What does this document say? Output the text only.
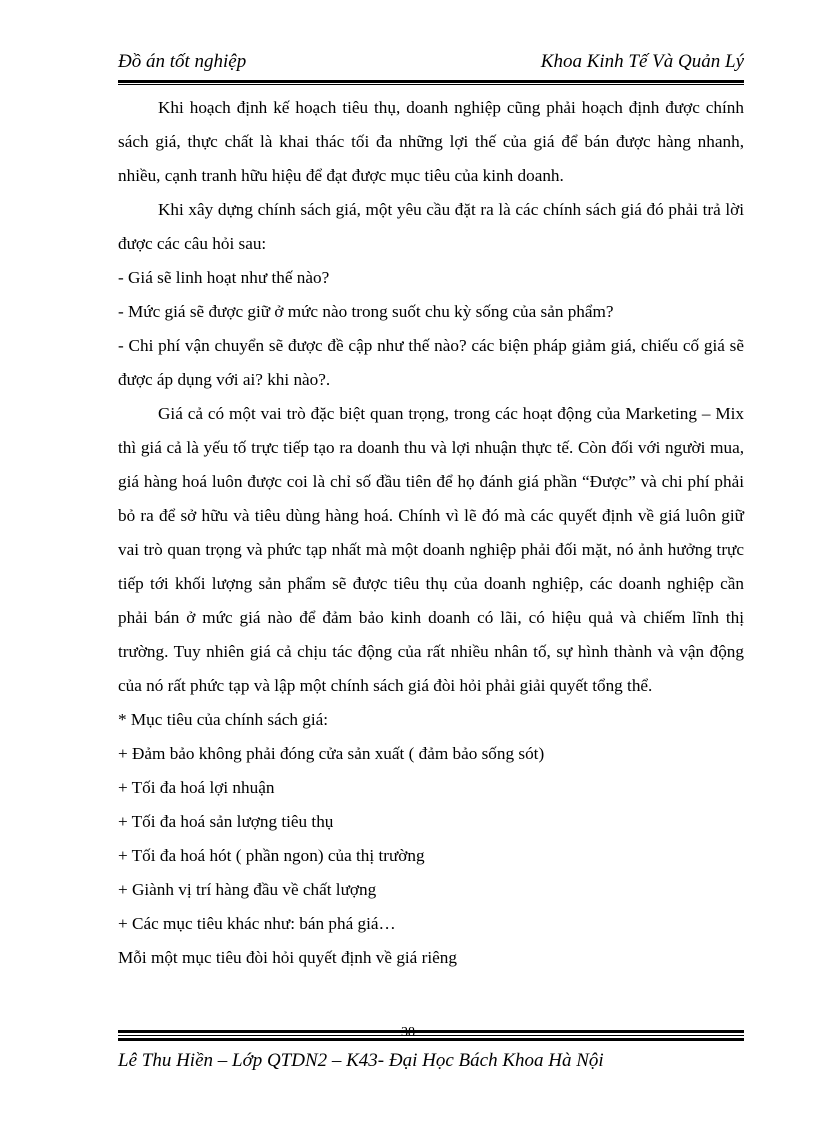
Đồ án tốt nghiệp	Khoa Kinh Tế Và Quản Lý

Khi hoạch định kế hoạch tiêu thụ, doanh nghiệp cũng phải hoạch định được chính sách giá, thực chất là khai thác tối đa những lợi thế của giá để bán được hàng nhanh, nhiều, cạnh tranh hữu hiệu để đạt được mục tiêu của kinh doanh.

Khi xây dựng chính sách giá, một yêu cầu đặt ra là các chính sách giá đó phải trả lời được các câu hỏi sau:

- Giá sẽ linh hoạt như thế nào?

- Mức giá sẽ được giữ ở mức nào trong suốt chu kỳ sống của sản phẩm?

- Chi phí vận chuyển sẽ được đề cập như thế nào? các biện pháp giảm giá, chiếu cố giá sẽ được áp dụng với ai? khi nào?.

Giá cả có một vai trò đặc biệt quan trọng, trong các hoạt động của Marketing – Mix thì giá cả là yếu tố trực tiếp tạo ra doanh thu và lợi nhuận thực tế. Còn đối với người mua, giá hàng hoá luôn được coi là chỉ số đầu tiên để họ đánh giá phần “Được” và chi phí phải bỏ ra để sở hữu và tiêu dùng hàng hoá. Chính vì lẽ đó mà các quyết định về giá luôn giữ vai trò quan trọng và phức tạp nhất mà một doanh nghiệp phải đối mặt, nó ảnh hưởng trực tiếp tới khối lượng sản phẩm sẽ được tiêu thụ của doanh nghiệp, các doanh nghiệp cần phải bán ở mức giá nào để đảm bảo kinh doanh có lãi, có hiệu quả và chiếm lĩnh thị trường. Tuy nhiên giá cả chịu tác động của rất nhiều nhân tố, sự hình thành và vận động của nó rất phức tạp và lập một chính sách giá đòi hỏi phải giải quyết tổng thể.

* Mục tiêu của chính sách giá:

+ Đảm bảo không phải đóng cửa sản xuất ( đảm bảo sống sót)

+ Tối đa hoá lợi nhuận

+ Tối đa hoá sản lượng tiêu thụ

+ Tối đa hoá hót ( phần ngon) của thị trường

+ Giành vị trí hàng đầu về chất lượng

+ Các mục tiêu khác như: bán phá giá…

Mỗi một mục tiêu đòi hỏi quyết định về giá riêng

38
Lê Thu Hiền – Lớp QTDN2 – K43- Đại Học Bách Khoa Hà Nội
